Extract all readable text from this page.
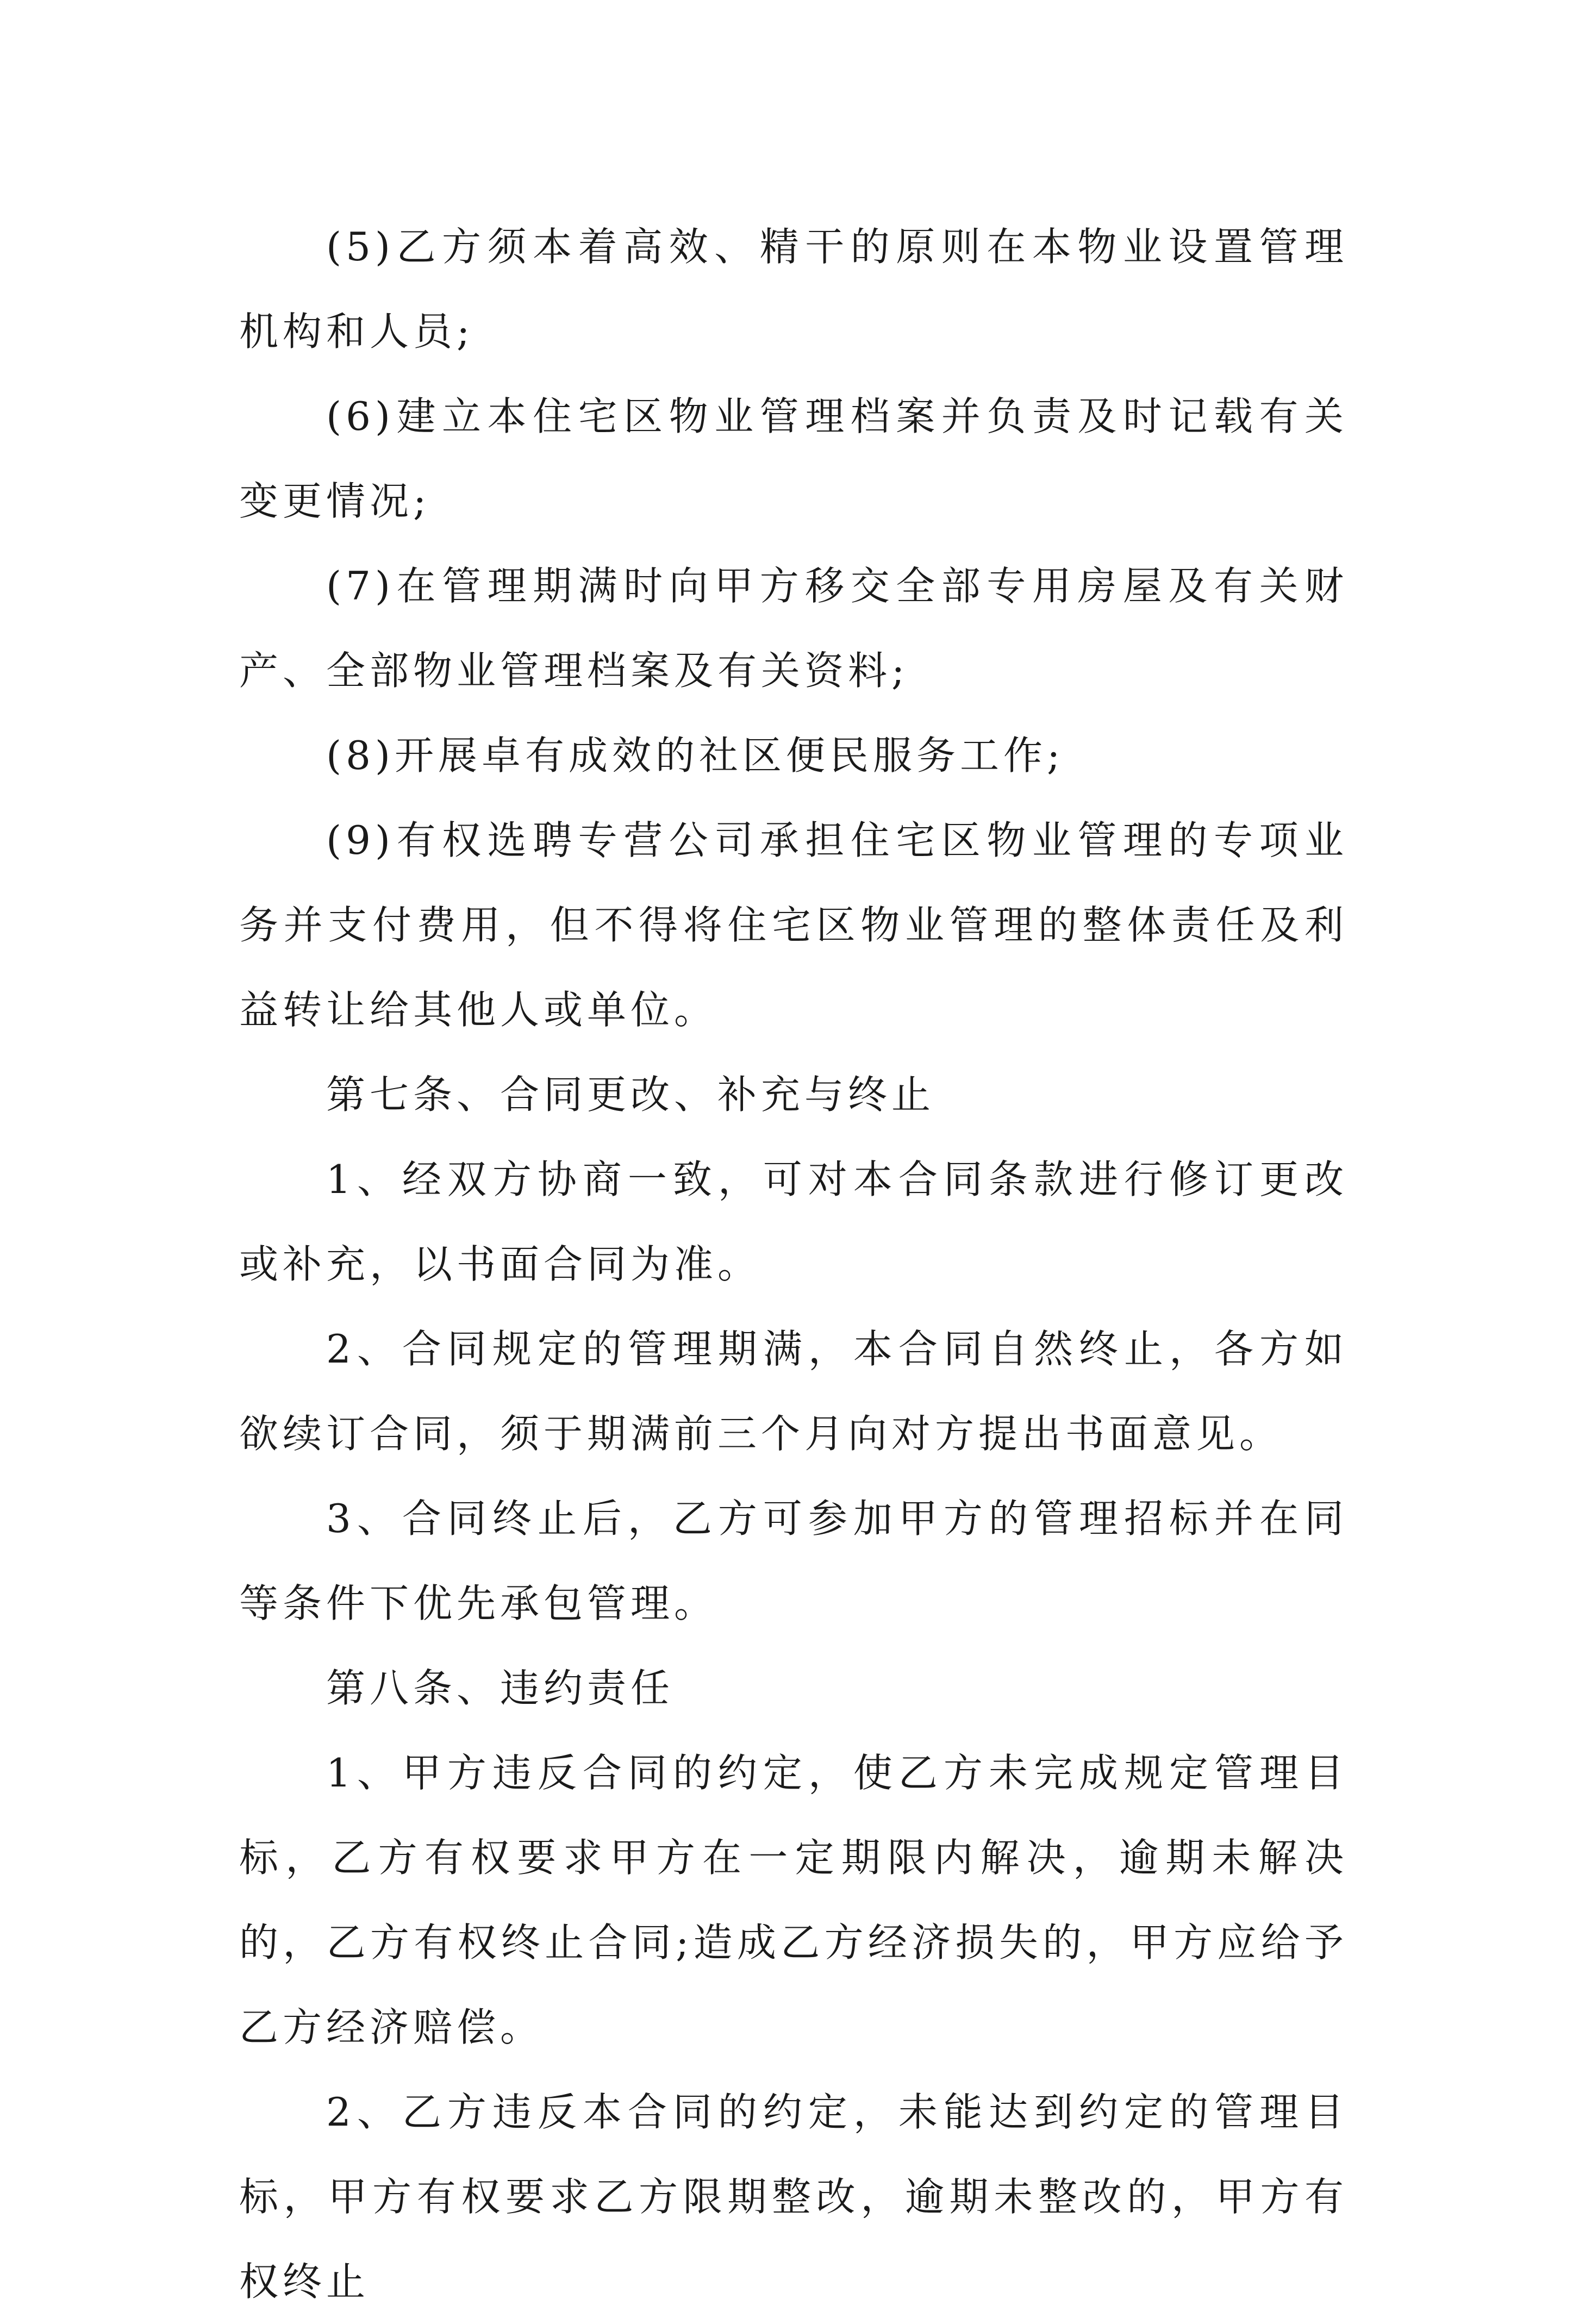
(5)乙方须本着高效、精干的原则在本物业设置管理机构和人员;

(6)建立本住宅区物业管理档案并负责及时记载有关变更情况;

(7)在管理期满时向甲方移交全部专用房屋及有关财产、全部物业管理档案及有关资料;

(8)开展卓有成效的社区便民服务工作;

(9)有权选聘专营公司承担住宅区物业管理的专项业务并支付费用，但不得将住宅区物业管理的整体责任及利益转让给其他人或单位。

第七条、合同更改、补充与终止

1、经双方协商一致，可对本合同条款进行修订更改或补充，以书面合同为准。

2、合同规定的管理期满，本合同自然终止，各方如欲续订合同，须于期满前三个月向对方提出书面意见。

3、合同终止后，乙方可参加甲方的管理招标并在同等条件下优先承包管理。

第八条、违约责任

1、甲方违反合同的约定，使乙方未完成规定管理目标，乙方有权要求甲方在一定期限内解决，逾期未解决的，乙方有权终止合同;造成乙方经济损失的，甲方应给予乙方经济赔偿。

2、乙方违反本合同的约定，未能达到约定的管理目标，甲方有权要求乙方限期整改，逾期未整改的，甲方有权终止
